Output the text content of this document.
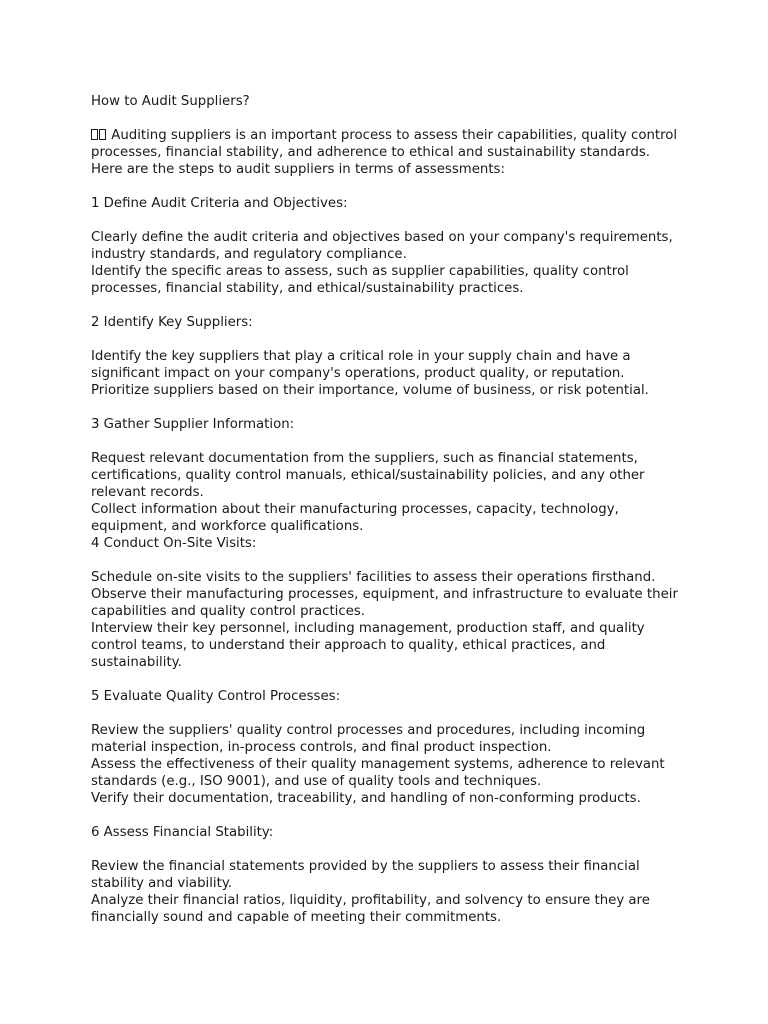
How to Audit Suppliers?
Auditing suppliers is an important process to assess their capabilities, quality control
processes, financial stability, and adherence to ethical and sustainability standards.
Here are the steps to audit suppliers in terms of assessments:
1 Define Audit Criteria and Objectives:
Clearly define the audit criteria and objectives based on your company's requirements,
industry standards, and regulatory compliance.
Identify the specific areas to assess, such as supplier capabilities, quality control
processes, financial stability, and ethical/sustainability practices.
2 Identify Key Suppliers:
Identify the key suppliers that play a critical role in your supply chain and have a
significant impact on your company's operations, product quality, or reputation.
Prioritize suppliers based on their importance, volume of business, or risk potential.
3 Gather Supplier Information:
Request relevant documentation from the suppliers, such as financial statements,
certifications, quality control manuals, ethical/sustainability policies, and any other
relevant records.
Collect information about their manufacturing processes, capacity, technology,
equipment, and workforce qualifications.
4 Conduct On-Site Visits:
Schedule on-site visits to the suppliers' facilities to assess their operations firsthand.
Observe their manufacturing processes, equipment, and infrastructure to evaluate their
capabilities and quality control practices.
Interview their key personnel, including management, production staff, and quality
control teams, to understand their approach to quality, ethical practices, and
sustainability.
5 Evaluate Quality Control Processes:
Review the suppliers' quality control processes and procedures, including incoming
material inspection, in-process controls, and final product inspection.
Assess the effectiveness of their quality management systems, adherence to relevant
standards (e.g., ISO 9001), and use of quality tools and techniques.
Verify their documentation, traceability, and handling of non-conforming products.
6 Assess Financial Stability:
Review the financial statements provided by the suppliers to assess their financial
stability and viability.
Analyze their financial ratios, liquidity, profitability, and solvency to ensure they are
financially sound and capable of meeting their commitments.
